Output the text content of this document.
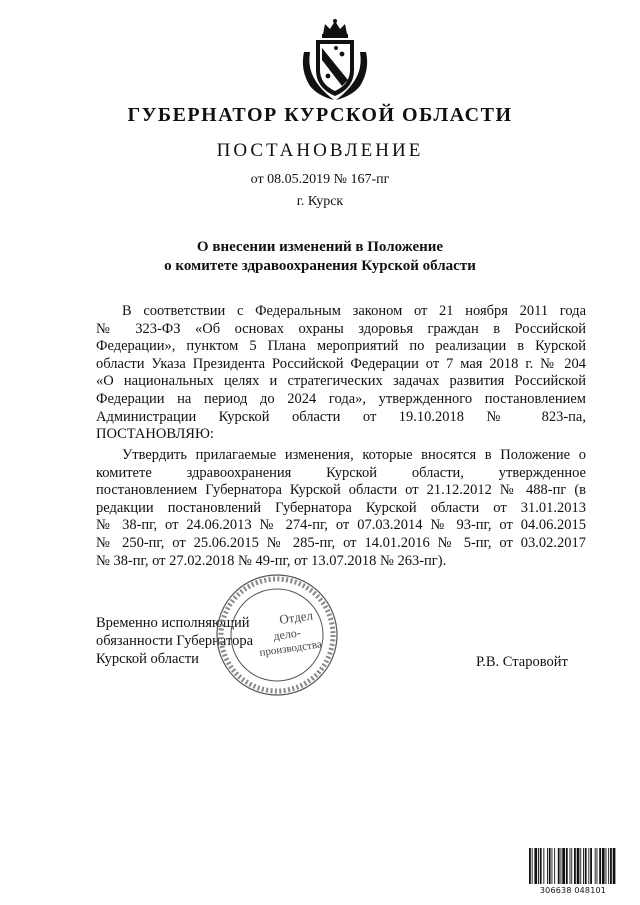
ГУБЕРНАТОР КУРСКОЙ ОБЛАСТИ
ПОСТАНОВЛЕНИЕ
от 08.05.2019 № 167-пг
г. Курск
О внесении изменений в Положение
о комитете здравоохранения Курской области
В соответствии с Федеральным законом от 21 ноября 2011 года
№ 323-ФЗ «Об основах охраны здоровья граждан в Российской
Федерации», пунктом 5 Плана мероприятий по реализации в Курской
области Указа Президента Российской Федерации от 7 мая 2018 г. № 204
«О национальных целях и стратегических задачах развития Российской
Федерации на период до 2024 года», утвержденного постановлением
Администрации Курской области от 19.10.2018 № 823-па,
ПОСТАНОВЛЯЮ:
Утвердить прилагаемые изменения, которые вносятся в Положение о
комитете здравоохранения Курской области, утвержденное
постановлением Губернатора Курской области от 21.12.2012 № 488-пг (в
редакции постановлений Губернатора Курской области от 31.01.2013
№ 38-пг, от 24.06.2013 № 274-пг, от 07.03.2014 № 93-пг, от 04.06.2015
№ 250-пг, от 25.06.2015 № 285-пг, от 14.01.2016 № 5-пг, от 03.02.2017
№ 38-пг, от 27.02.2018 № 49-пг, от 13.07.2018 № 263-пг).
Временно исполняющий
обязанности Губернатора
Курской области	Р.В. Старовойт
Отдел
дело-
производства
306638 048101
